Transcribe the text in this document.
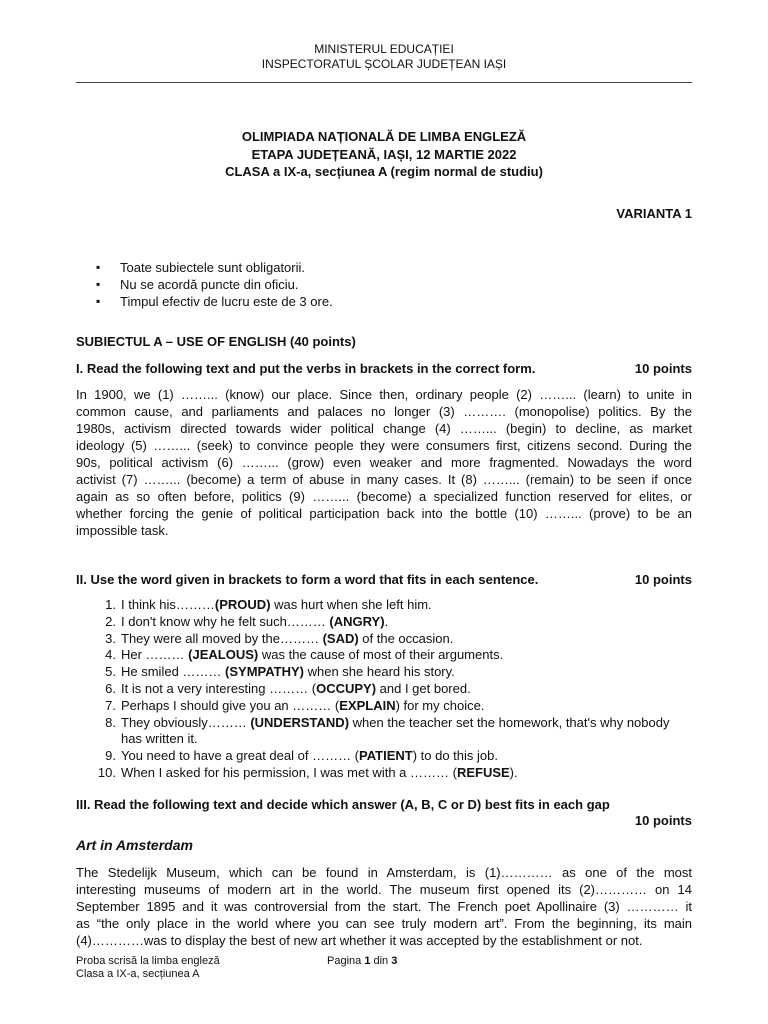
MINISTERUL EDUCAȚIEI
INSPECTORATUL ȘCOLAR JUDEȚEAN IAȘI
OLIMPIADA NAȚIONALĂ DE LIMBA ENGLEZĂ
ETAPA JUDEȚEANĂ, IAȘI, 12 MARTIE 2022
CLASA a IX-a, secțiunea A (regim normal de studiu)
VARIANTA 1
▪ Toate subiectele sunt obligatorii.
▪ Nu se acordă puncte din oficiu.
▪ Timpul efectiv de lucru este de 3 ore.
SUBIECTUL A – USE OF ENGLISH (40 points)
I. Read the following text and put the verbs in brackets in the correct form.	10 points
In 1900, we (1) ……... (know) our place. Since then, ordinary people (2) ……... (learn) to unite in
common cause, and parliaments and palaces no longer (3) ………. (monopolise) politics. By the
1980s, activism directed towards wider political change (4) ……... (begin) to decline, as market
ideology (5) ……... (seek) to convince people they were consumers first, citizens second. During the
90s, political activism (6) ……... (grow) even weaker and more fragmented. Nowadays the word
activist (7) ……... (become) a term of abuse in many cases. It (8) ……... (remain) to be seen if once
again as so often before, politics (9) ……... (become) a specialized function reserved for elites, or
whether forcing the genie of political participation back into the bottle (10) ……... (prove) to be an
impossible task.
II. Use the word given in brackets to form a word that fits in each sentence.	10 points
1. I think his………(PROUD) was hurt when she left him.
2. I don't know why he felt such……… (ANGRY).
3. They were all moved by the……… (SAD) of the occasion.
4. Her ……… (JEALOUS) was the cause of most of their arguments.
5. He smiled ……… (SYMPATHY) when she heard his story.
6. It is not a very interesting ……… (OCCUPY) and I get bored.
7. Perhaps I should give you an ……… (EXPLAIN) for my choice.
8. They obviously……… (UNDERSTAND) when the teacher set the homework, that's why nobody has written it.
9. You need to have a great deal of ……… (PATIENT) to do this job.
10. When I asked for his permission, I was met with a ……… (REFUSE).
III. Read the following text and decide which answer (A, B, C or D) best fits in each gap
10 points
Art in Amsterdam
The Stedelijk Museum, which can be found in Amsterdam, is (1)………… as one of the most
interesting museums of modern art in the world. The museum first opened its (2)………… on 14
September 1895 and it was controversial from the start. The French poet Apollinaire (3) ………… it
as “the only place in the world where you can see truly modern art”. From the beginning, its main
(4)…………was to display the best of new art whether it was accepted by the establishment or not.
Proba scrisă la limba engleză
Clasa a IX-a, secțiunea A
Pagina 1 din 3
